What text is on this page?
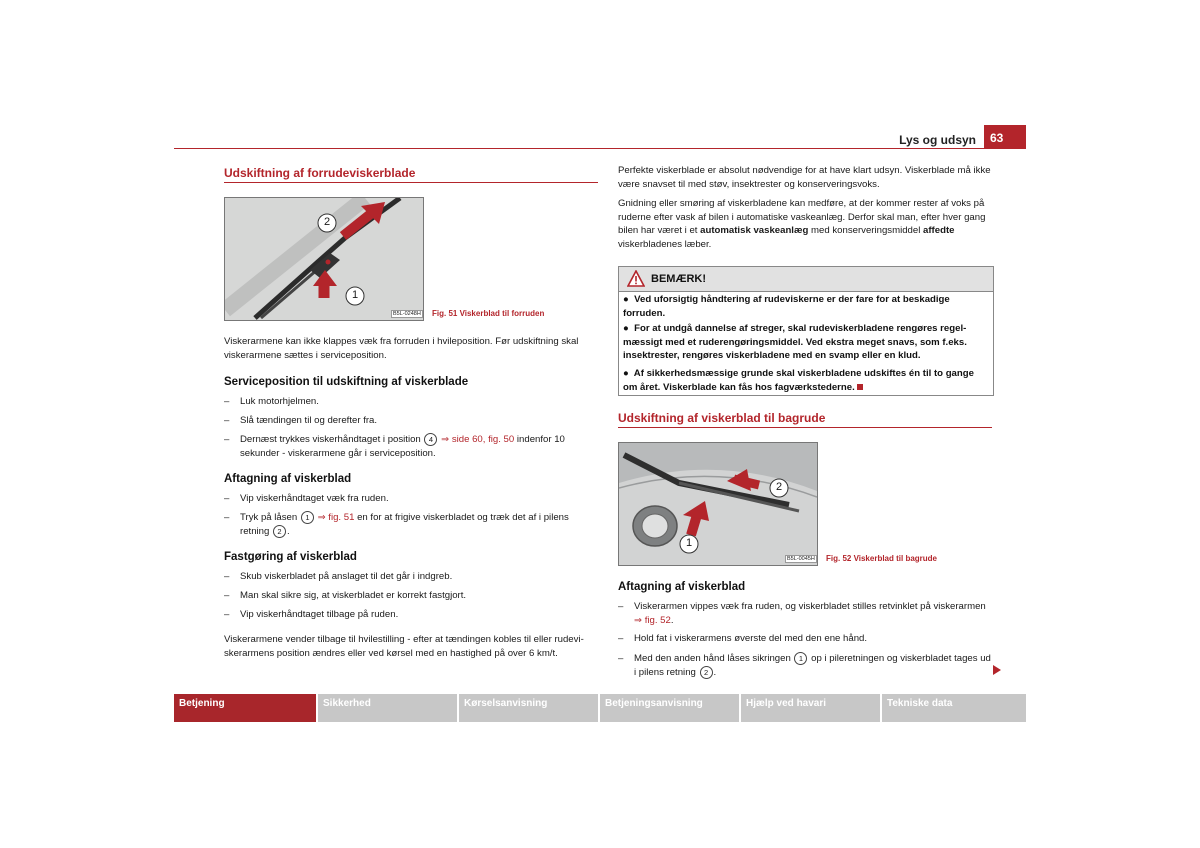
Lys og udsyn	63
Udskiftning af forrudeviskerblade
2
1
B5L-0248H Fig. 51 Viskerblad til forruden
Viskerarmene kan ikke klappes væk fra forruden i hvileposition. Før udskiftning skal viskerarmene sættes i serviceposition.
Serviceposition til udskiftning af viskerblade
– Luk motorhjelmen.
– Slå tændingen til og derefter fra.
– Dernæst trykkes viskerhåndtaget i position 4 ⇒ side 60, fig. 50 indenfor 10 sekunder - viskerarmene går i serviceposition.
Aftagning af viskerblad
– Vip viskerhåndtaget væk fra ruden.
– Tryk på låsen 1 ⇒ fig. 51 en for at frigive viskerbladet og træk det af i pilens retning 2 .
Fastgøring af viskerblad
– Skub viskerbladet på anslaget til det går i indgreb.
– Man skal sikre sig, at viskerbladet er korrekt fastgjort.
– Vip viskerhåndtaget tilbage på ruden.
Viskerarmene vender tilbage til hvilestilling - efter at tændingen kobles til eller rudeviskerarmens position ændres eller ved kørsel med en hastighed på over 6 km/t.
Perfekte viskerblade er absolut nødvendige for at have klart udsyn. Viskerblade må ikke være snavset til med støv, insektrester og konserveringsvoks.
Gnidning eller smøring af viskerbladene kan medføre, at der kommer rester af voks på ruderne efter vask af bilen i automatiske vaskeanlæg. Derfor skal man, efter hver gang bilen har været i et automatisk vaskeanlæg med konserveringsmiddel affedte viskerbladenes læber.
BEMÆRK!
●  Ved uforsigtig håndtering af rudeviskerne er der fare for at beskadige forruden.
●  For at undgå dannelse af streger, skal rudeviskerbladene rengøres regelmæssigt med et ruderengøringsmiddel. Ved ekstra meget snavs, som f.eks. insektrester, rengøres viskerbladene med en svamp eller en klud.
●  Af sikkerhedsmæssige grunde skal viskerbladene udskiftes én til to gange om året. Viskerblade kan fås hos fagværkstederne.
Udskiftning af viskerblad til bagrude
2
1
B5L-0045H Fig. 52 Viskerblad til bagrude
Aftagning af viskerblad
– Viskerarmen vippes væk fra ruden, og viskerbladet stilles retvinklet på viskerarmen ⇒ fig. 52.
– Hold fat i viskerarmens øverste del med den ene hånd.
– Med den anden hånd låses sikringen 1 op i pileretningen og viskerbladet tages ud i pilens retning 2 .
Betjening	Sikkerhed	Kørselsanvisning	Betjeningsanvisning	Hjælp ved havari	Tekniske data
